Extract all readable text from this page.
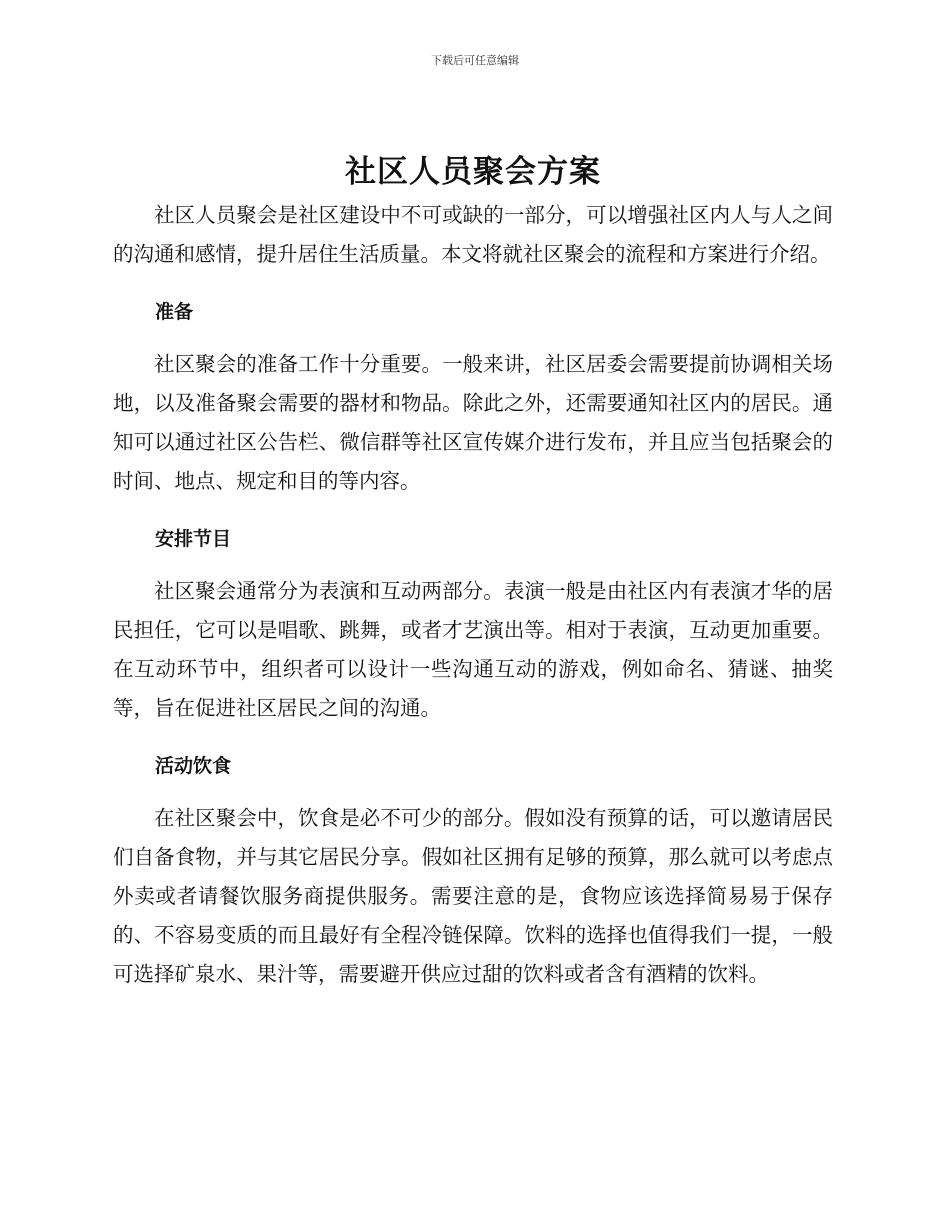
下载后可任意编辑
社区人员聚会方案

社区人员聚会是社区建设中不可或缺的一部分，可以增强社区内人与人之间的沟通和感情，提升居住生活质量。本文将就社区聚会的流程和方案进行介绍。

准备

社区聚会的准备工作十分重要。一般来讲，社区居委会需要提前协调相关场地，以及准备聚会需要的器材和物品。除此之外，还需要通知社区内的居民。通知可以通过社区公告栏、微信群等社区宣传媒介进行发布，并且应当包括聚会的时间、地点、规定和目的等内容。

安排节目

社区聚会通常分为表演和互动两部分。表演一般是由社区内有表演才华的居民担任，它可以是唱歌、跳舞，或者才艺演出等。相对于表演，互动更加重要。在互动环节中，组织者可以设计一些沟通互动的游戏，例如命名、猜谜、抽奖等，旨在促进社区居民之间的沟通。

活动饮食

在社区聚会中，饮食是必不可少的部分。假如没有预算的话，可以邀请居民们自备食物，并与其它居民分享。假如社区拥有足够的预算，那么就可以考虑点外卖或者请餐饮服务商提供服务。需要注意的是，食物应该选择简易易于保存的、不容易变质的而且最好有全程冷链保障。饮料的选择也值得我们一提，一般可选择矿泉水、果汁等，需要避开供应过甜的饮料或者含有酒精的饮料。
